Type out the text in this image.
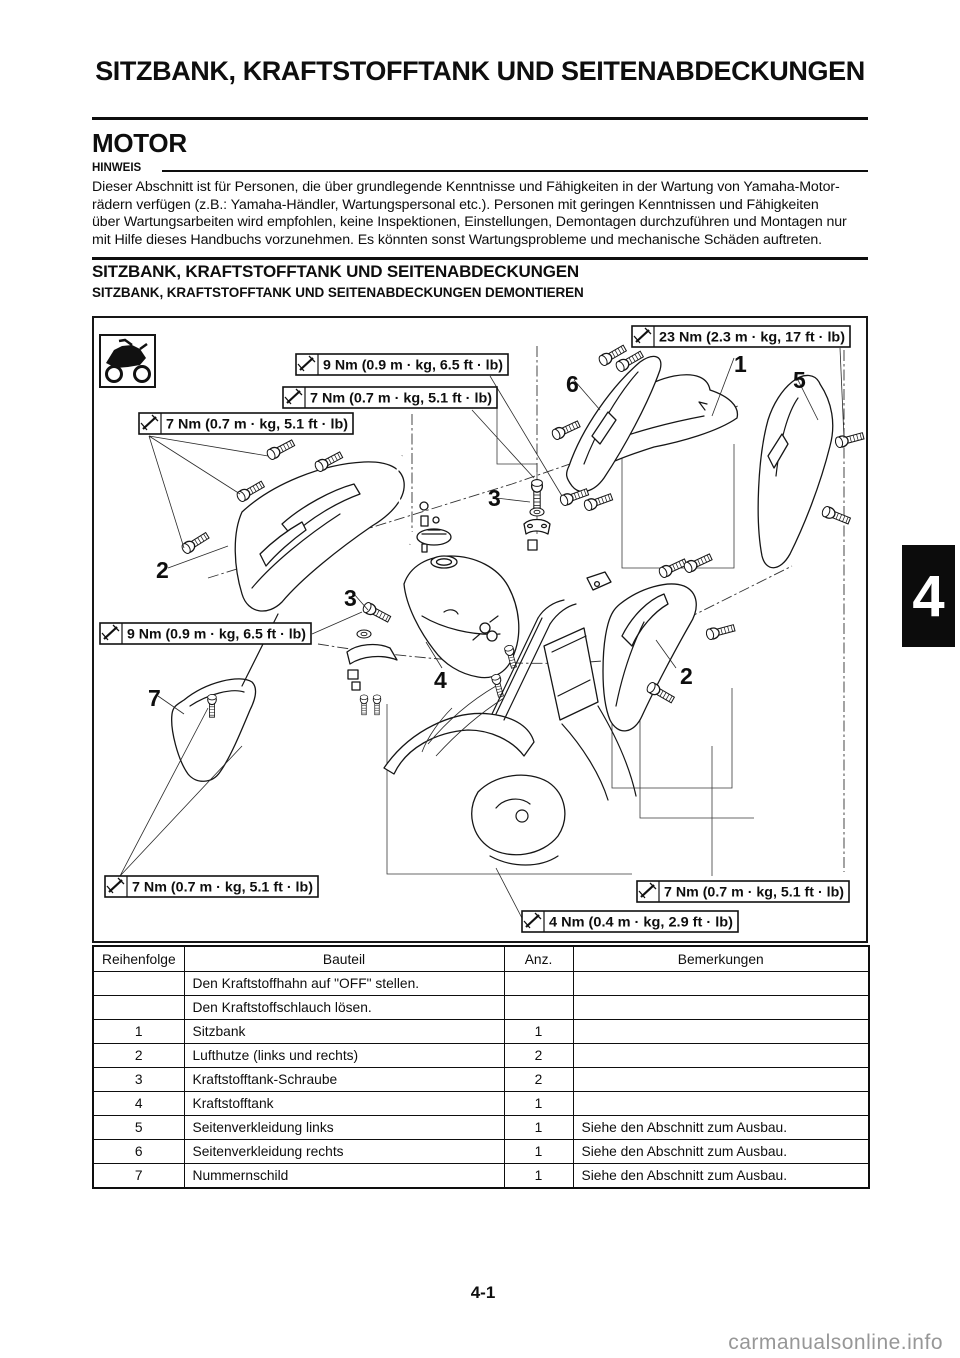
SITZBANK, KRAFTSTOFFTANK UND SEITENABDECKUNGEN
MOTOR
HINWEIS
Dieser Abschnitt ist für Personen, die über grundlegende Kenntnisse und Fähigkeiten in der Wartung von Yamaha-Motor-
rädern verfügen (z.B.: Yamaha-Händler, Wartungspersonal etc.). Personen mit geringen Kenntnissen und Fähigkeiten
über Wartungsarbeiten wird empfohlen, keine Inspektionen, Einstellungen, Demontagen durchzuführen und Montagen nur
mit Hilfe dieses Handbuchs vorzunehmen. Es könnten sonst Wartungsprobleme und mechanische Schäden auftreten.
SITZBANK, KRAFTSTOFFTANK UND SEITENABDECKUNGEN
SITZBANK, KRAFTSTOFFTANK UND SEITENABDECKUNGEN DEMONTIEREN
1
5
6
3
2
3
4	2
7
9 Nm (0.9 m · kg, 6.5 ft · lb)
7 Nm (0.7 m · kg, 5.1 ft · lb)
7 Nm (0.7 m · kg, 5.1 ft · lb)
23 Nm (2.3 m · kg, 17 ft · lb)
9 Nm (0.9 m · kg, 6.5 ft · lb)
7 Nm (0.7 m · kg, 5.1 ft · lb)	7 Nm (0.7 m · kg, 5.1 ft · lb)
4 Nm (0.4 m · kg, 2.9 ft · lb)
Reihenfolge	Bauteil	Anz.	Bemerkungen
	Den Kraftstoffhahn auf "OFF" stellen.		
	Den Kraftstoffschlauch lösen.		
1	Sitzbank	1	
2	Lufthutze (links und rechts)	2	
3	Kraftstofftank-Schraube	2	
4	Kraftstofftank	1	
5	Seitenverkleidung links	1	Siehe den Abschnitt zum Ausbau.
6	Seitenverkleidung rechts	1	Siehe den Abschnitt zum Ausbau.
7	Nummernschild	1	Siehe den Abschnitt zum Ausbau.
4
4-1
carmanualsonline.info
